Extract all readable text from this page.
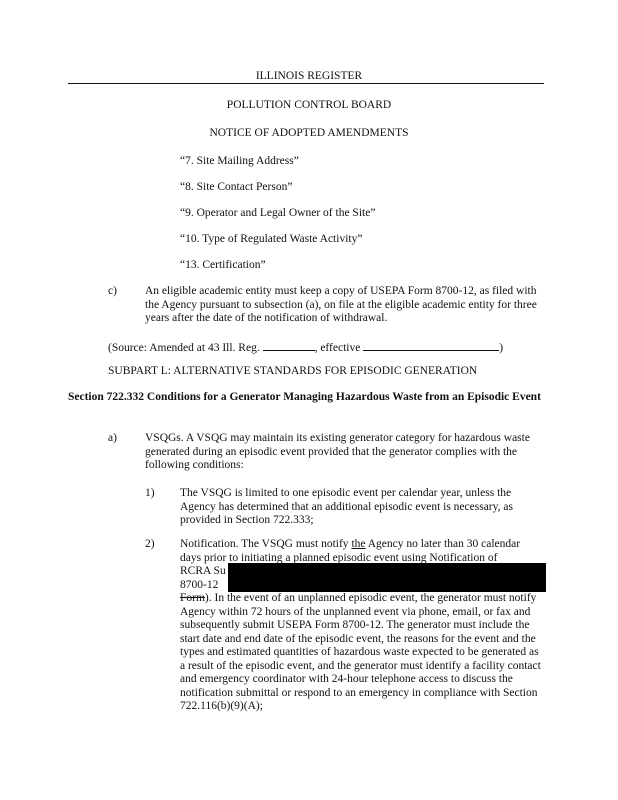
ILLINOIS REGISTER
POLLUTION CONTROL BOARD
NOTICE OF ADOPTED AMENDMENTS
“7. Site Mailing Address”
“8. Site Contact Person”
“9. Operator and Legal Owner of the Site”
“10. Type of Regulated Waste Activity”
“13. Certification”
c) An eligible academic entity must keep a copy of USEPA Form 8700-12, as filed with the Agency pursuant to subsection (a), on file at the eligible academic entity for three years after the date of the notification of withdrawal.
(Source: Amended at 43 Ill. Reg.	, effective	)
SUBPART L: ALTERNATIVE STANDARDS FOR EPISODIC GENERATION
Section 722.332 Conditions for a Generator Managing Hazardous Waste from an Episodic Event
a) VSQGs. A VSQG may maintain its existing generator category for hazardous waste generated during an episodic event provided that the generator complies with the following conditions:
1) The VSQG is limited to one episodic event per calendar year, unless the Agency has determined that an additional episodic event is necessary, as provided in Section 722.333;
2) Notification. The VSQG must notify the Agency no later than 30 calendar
days prior to initiating a planned episodic event using Notification of
RCRA Su
8700-12
Form). In the event of an unplanned episodic event, the generator must notify Agency within 72 hours of the unplanned event via phone, email, or fax and subsequently submit USEPA Form 8700-12. The generator must include the start date and end date of the episodic event, the reasons for the event and the types and estimated quantities of hazardous waste expected to be generated as a result of the episodic event, and the generator must identify a facility contact and emergency coordinator with 24-hour telephone access to discuss the notification submittal or respond to an emergency in compliance with Section 722.116(b)(9)(A);
